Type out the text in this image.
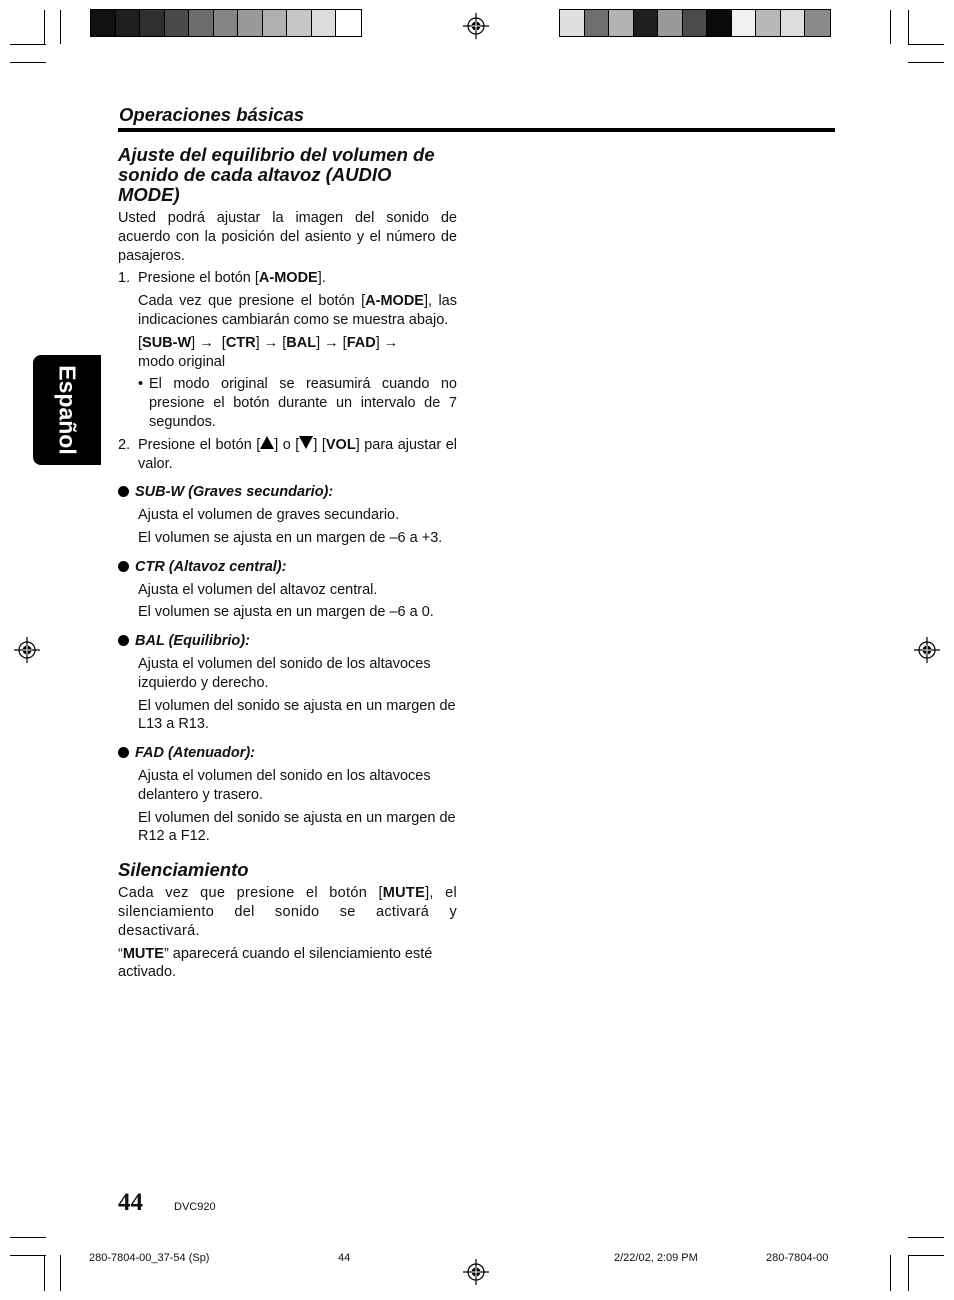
Operaciones básicas
Español

Ajuste del equilibrio del volumen de sonido de cada altavoz (AUDIO MODE)

Usted podrá ajustar la imagen del sonido de acuerdo con la posición del asiento y el número de pasajeros.

1. Presione el botón [A-MODE].

Cada vez que presione el botón [A-MODE], las indicaciones cambiarán como se muestra abajo.

[SUB-W] →  [CTR] → [BAL] → [FAD] →
modo original

• El modo original se reasumirá cuando no presione el botón durante un intervalo de 7 segundos.
2. Presione el botón [ ] o [ ] [VOL] para ajustar el valor.

SUB-W (Graves secundario):

Ajusta el volumen de graves secundario.

El volumen se ajusta en un margen de –6 a +3.

CTR (Altavoz central):

Ajusta el volumen del altavoz central.

El volumen se ajusta en un margen de –6 a 0.

BAL (Equilibrio):

Ajusta el volumen del sonido de los altavoces izquierdo y derecho.

El volumen del sonido se ajusta en un margen de L13 a R13.

FAD (Atenuador):

Ajusta el volumen del sonido en los altavoces delantero y trasero.

El volumen del sonido se ajusta en un margen de R12 a F12.

Silenciamiento

Cada vez que presione el botón [MUTE], el silenciamiento del sonido se activará y desactivará.

“MUTE” aparecerá cuando el silenciamiento esté activado.

44	DVC920
280-7804-00_37-54 (Sp)	44	2/22/02, 2:09 PM	280-7804-00
